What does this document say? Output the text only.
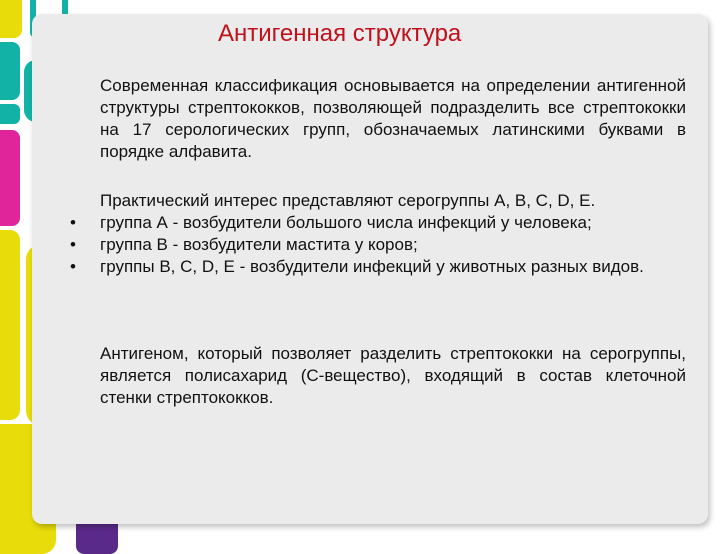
Антигенная структура

Современная классификация основывается на определении антигенной структуры стрептококков, позволяющей подразделить все стрептококки на 17 серологических групп, обозначаемых латинскими буквами в порядке алфавита.

Практический интерес представляют серогруппы А, В, С, D, Е.

•	группа А - возбудители большого числа инфекций у человека;
•	группа В - возбудители мастита у коров;
•	группы В, С, D, Е - возбудители инфекций у животных разных видов.

Антигеном, который позволяет разделить стрептококки на серогруппы, является полисахарид (С-вещество), входящий в состав клеточной стенки стрептококков.
